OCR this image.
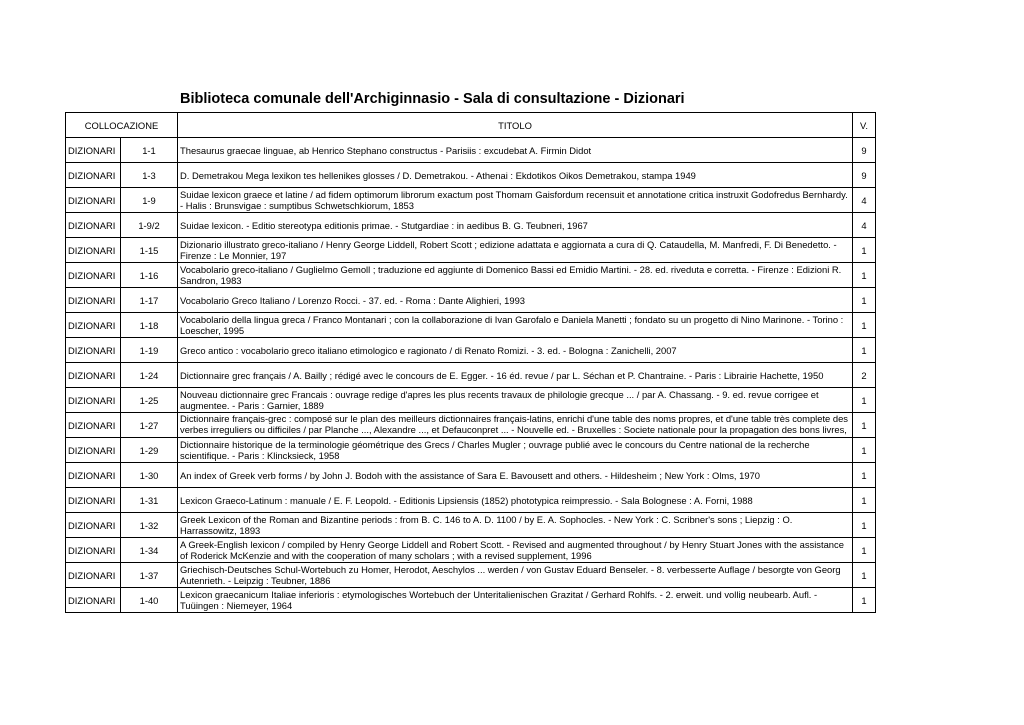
Biblioteca comunale dell'Archiginnasio - Sala di consultazione - Dizionari
COLLOCAZIONE		TITOLO	V.
DIZIONARI	1-1	Thesaurus graecae linguae, ab Henrico Stephano constructus - Parisiis : excudebat A. Firmin Didot	9
DIZIONARI	1-3	D. Demetrakou Mega lexikon tes hellenikes glosses / D. Demetrakou. - Athenai : Ekdotikos Oikos Demetrakou, stampa 1949	9
DIZIONARI	1-9	Suidae lexicon graece et latine / ad fidem optimorum librorum exactum post Thomam Gaisfordum recensuit et annotatione critica instruxit Godofredus Bernhardy. - Halis : Brunsvigae : sumptibus Schwetschkiorum, 1853	4
DIZIONARI	1-9/2	Suidae lexicon. - Editio stereotypa editionis primae. - Stutgardiae : in aedibus B. G. Teubneri, 1967	4
DIZIONARI	1-15	Dizionario illustrato greco-italiano / Henry George Liddell, Robert Scott ; edizione adattata e aggiornata a cura di Q. Cataudella, M. Manfredi, F. Di Benedetto. - Firenze : Le Monnier, 197	1
DIZIONARI	1-16	Vocabolario greco-italiano / Guglielmo Gemoll ; traduzione ed aggiunte di Domenico Bassi ed Emidio Martini. - 28. ed. riveduta e corretta. - Firenze : Edizioni R. Sandron, 1983	1
DIZIONARI	1-17	Vocabolario Greco Italiano / Lorenzo Rocci. - 37. ed. - Roma : Dante Alighieri, 1993	1
DIZIONARI	1-18	Vocabolario della lingua greca / Franco Montanari ; con la collaborazione di Ivan Garofalo e Daniela Manetti ; fondato su un progetto di Nino Marinone. - Torino : Loescher, 1995	1
DIZIONARI	1-19	Greco antico : vocabolario greco italiano etimologico e ragionato / di Renato Romizi. - 3. ed. - Bologna : Zanichelli, 2007	1
DIZIONARI	1-24	Dictionnaire grec français / A. Bailly ; rédigé avec le concours de E. Egger. - 16 éd. revue / par L. Séchan et P. Chantraine. - Paris : Librairie Hachette, 1950	2
DIZIONARI	1-25	Nouveau dictionnaire grec Francais : ouvrage redige d'apres les plus recents travaux de philologie grecque ... / par A. Chassang. - 9. ed. revue corrigee et augmentee. - Paris : Garnier, 1889	1
DIZIONARI	1-27	Dictionnaire français-grec : composé sur le plan des meilleurs dictionnaires français-latins, enrichi d'une table des noms propres, et d'une table très complete des verbes irreguliers ou difficiles / par Planche ..., Alexandre ..., et Defauconpret ... - Nouvelle ed. - Bruxelles : Societe nationale pour la propagation des bons livres,	1
DIZIONARI	1-29	Dictionnaire historique de la terminologie géométrique des Grecs / Charles Mugler ; ouvrage publié avec le concours du Centre national de la recherche scientifique. - Paris : Klincksieck, 1958	1
DIZIONARI	1-30	An index of Greek verb forms / by John J. Bodoh with the assistance of Sara E. Bavousett and others. - Hildesheim ; New York : Olms, 1970	1
DIZIONARI	1-31	Lexicon Graeco-Latinum : manuale / E. F. Leopold. - Editionis Lipsiensis (1852) phototypica reimpressio. - Sala Bolognese : A. Forni, 1988	1
DIZIONARI	1-32	Greek Lexicon of the Roman and Bizantine periods : from B. C. 146 to A. D. 1100 / by E. A. Sophocles. - New York : C. Scribner's sons ; Liepzig : O. Harrassowitz, 1893	1
DIZIONARI	1-34	A Greek-English lexicon / compiled by Henry George Liddell and Robert Scott. - Revised and augmented throughout / by Henry Stuart Jones with the assistance of Roderick McKenzie and with the cooperation of many scholars ; with a revised supplement, 1996	1
DIZIONARI	1-37	Griechisch-Deutsches Schul-Wortebuch zu Homer, Herodot, Aeschylos ... werden / von Gustav Eduard Benseler. - 8. verbesserte Auflage / besorgte von Georg Autenrieth. - Leipzig : Teubner, 1886	1
DIZIONARI	1-40	Lexicon graecanicum Italiae inferioris : etymologisches Wortebuch der Unteritalienischen Grazitat / Gerhard Rohlfs. - 2. erweit. und vollig neubearb. Aufl. - Tuüingen : Niemeyer, 1964	1
